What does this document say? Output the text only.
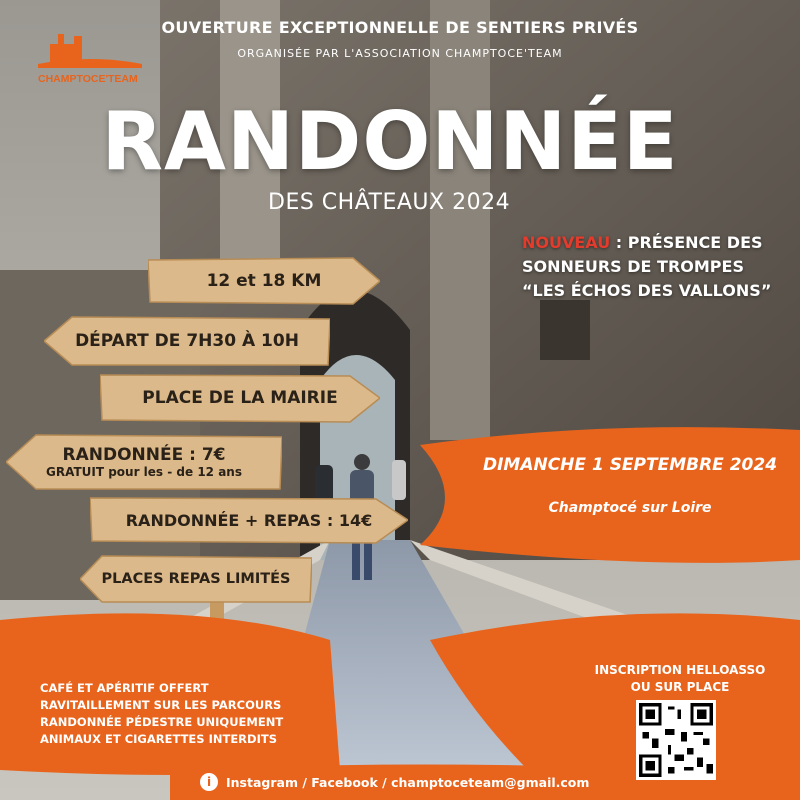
CHAMPTOCE'TEAM
OUVERTURE EXCEPTIONNELLE DE SENTIERS PRIVÉS
ORGANISÉE PAR L'ASSOCIATION CHAMPTOCE'TEAM
RANDONNÉE
DES CHÂTEAUX 2024
NOUVEAU : PRÉSENCE DES
SONNEURS DE TROMPES
“LES ÉCHOS DES VALLONS”
12 et 18 KM
DÉPART DE 7H30 À 10H
PLACE DE LA MAIRIE
RANDONNÉE : 7€
GRATUIT pour les - de 12 ans
RANDONNÉE + REPAS : 14€
PLACES REPAS LIMITÉS
DIMANCHE 1 SEPTEMBRE 2024
Champtocé sur Loire
CAFÉ ET APÉRITIF OFFERT
RAVITAILLEMENT SUR LES PARCOURS
RANDONNÉE PÉDESTRE UNIQUEMENT
ANIMAUX ET CIGARETTES INTERDITS
INSCRIPTION HELLOASSO
OU SUR PLACE
i	Instagram / Facebook / champtoceteam@gmail.com
